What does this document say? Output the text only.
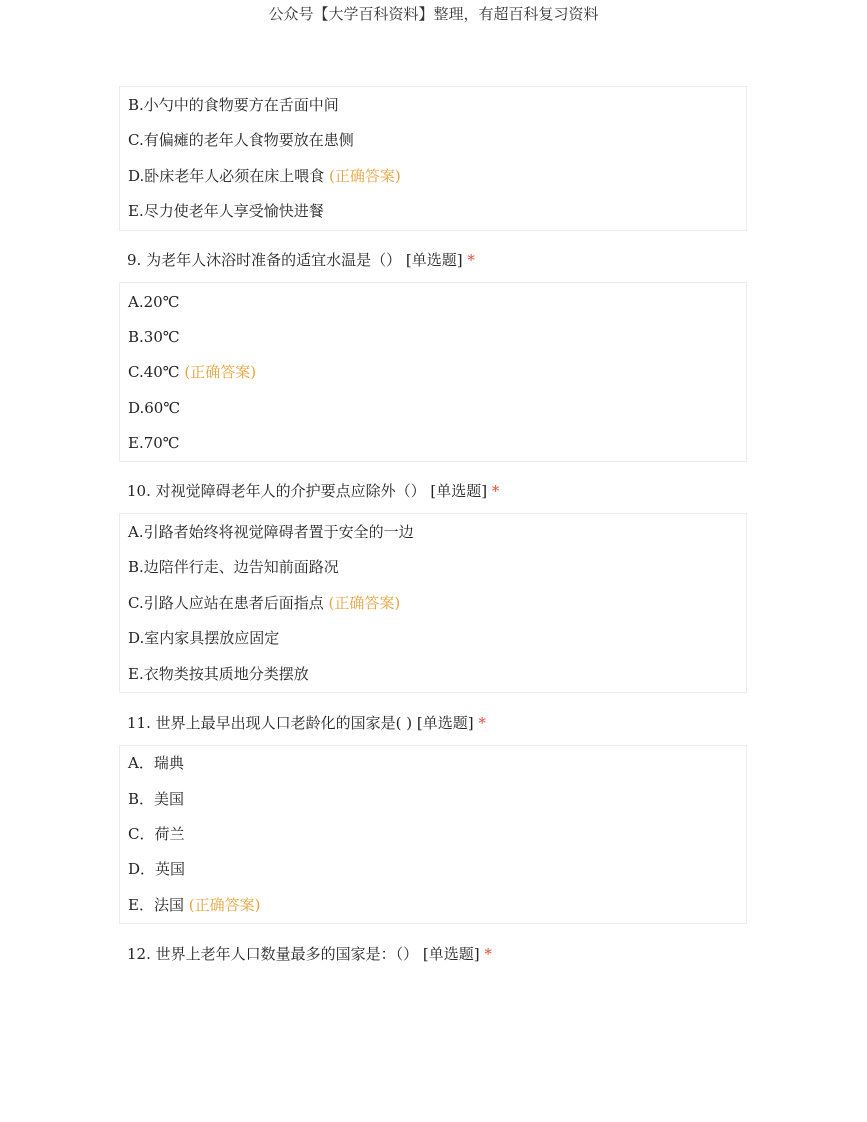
公众号【大学百科资料】整理，有超百科复习资料
B.小勺中的食物要方在舌面中间
C.有偏瘫的老年人食物要放在患侧
D.卧床老年人必须在床上喂食 (正确答案)
E.尽力使老年人享受愉快进餐
9. 为老年人沐浴时准备的适宜水温是（） [单选题] *
A.20℃
B.30℃
C.40℃ (正确答案)
D.60℃
E.70℃
10. 对视觉障碍老年人的介护要点应除外（） [单选题] *
A.引路者始终将视觉障碍者置于安全的一边
B.边陪伴行走、边告知前面路况
C.引路人应站在患者后面指点 (正确答案)
D.室内家具摆放应固定
E.衣物类按其质地分类摆放
11. 世界上最早出现人口老龄化的国家是( ) [单选题] *
A．瑞典
B．美国
C．荷兰
D．英国
E．法国 (正确答案)
12. 世界上老年人口数量最多的国家是：（） [单选题] *
